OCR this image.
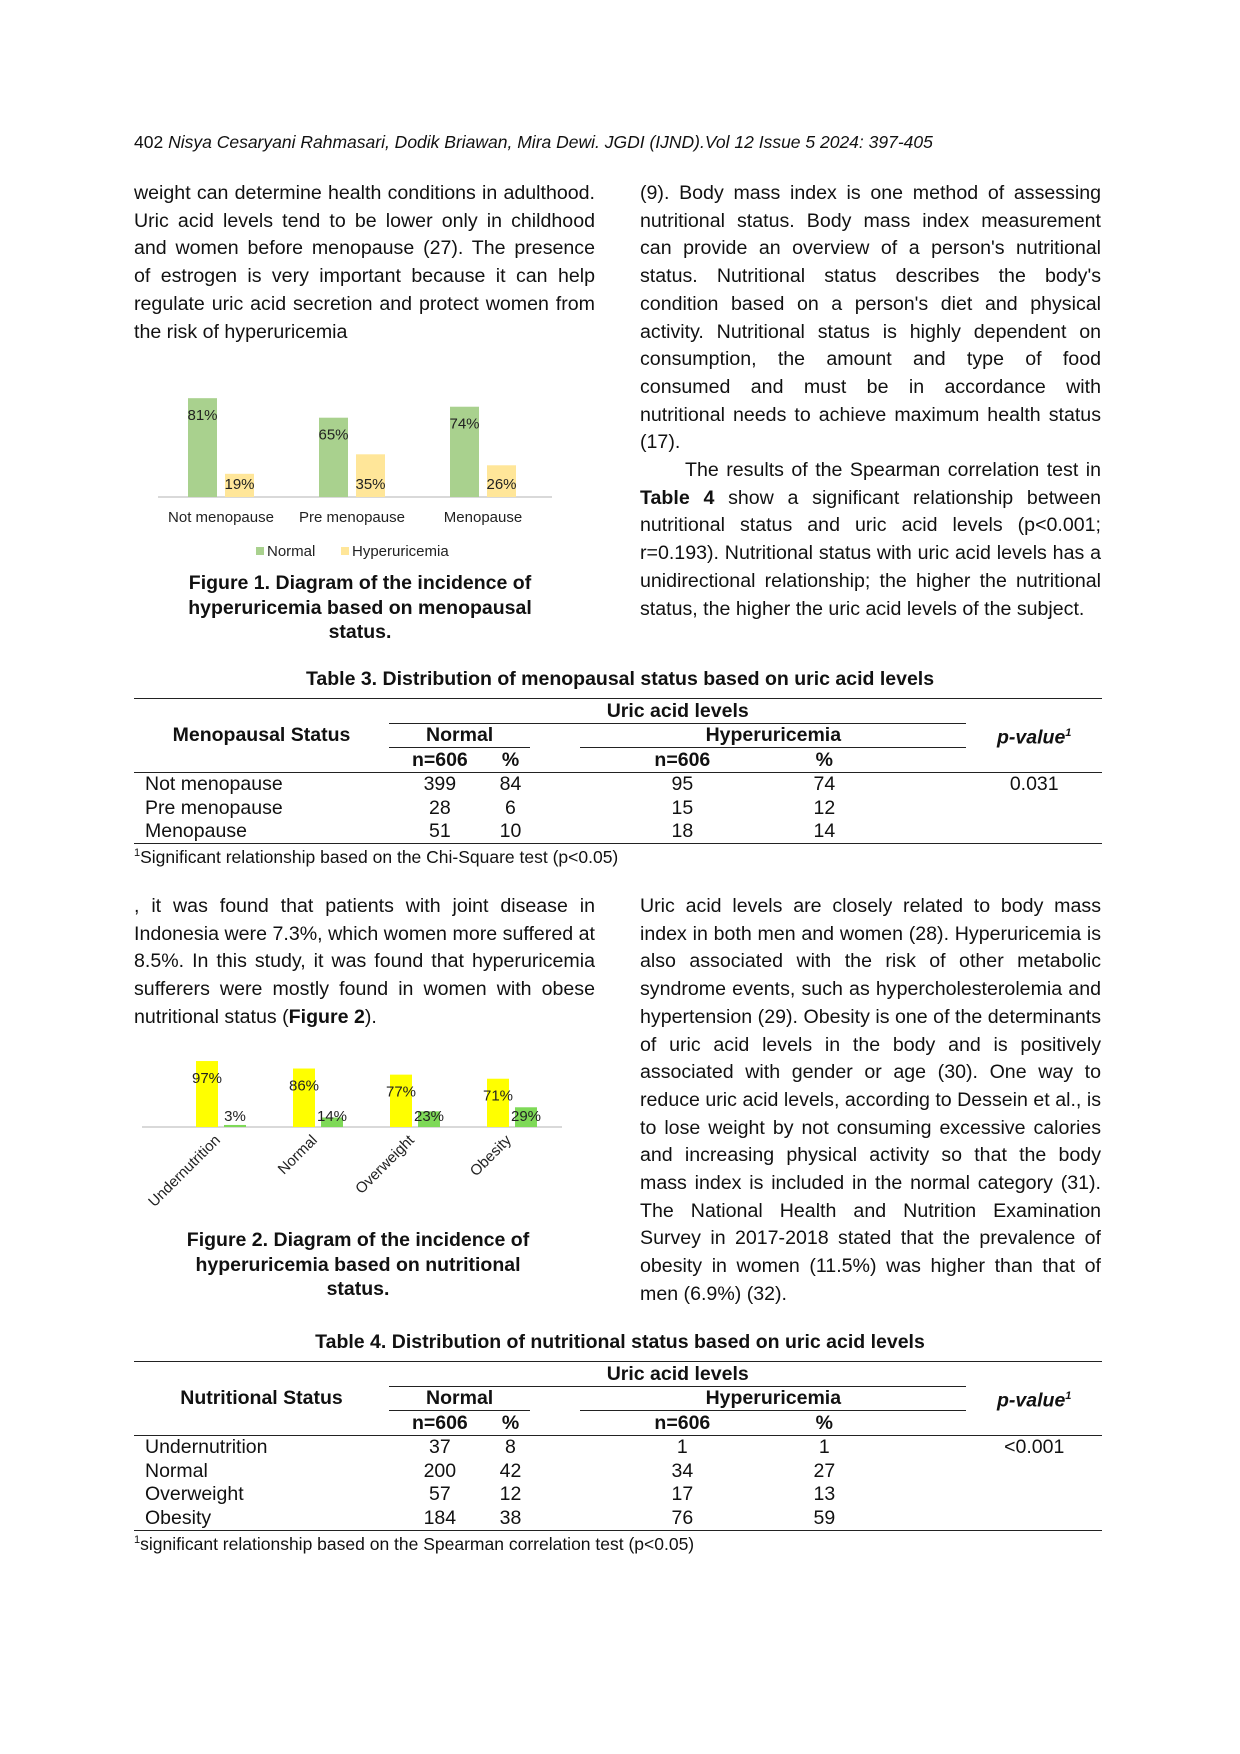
402 Nisya Cesaryani Rahmasari, Dodik Briawan, Mira Dewi. JGDI (IJND).Vol 12 Issue 5 2024: 397-405

weight can determine health conditions in adulthood. Uric acid levels tend to be lower only in childhood and women before menopause (27). The presence of estrogen is very important because it can help regulate uric acid secretion and protect women from the risk of hyperuricemia

(9). Body mass index is one method of assessing nutritional status. Body mass index measurement can provide an overview of a person's nutritional status. Nutritional status describes the body's condition based on a person's diet and physical activity. Nutritional status is highly dependent on consumption, the amount and type of food consumed and must be in accordance with nutritional needs to achieve maximum health status (17).

The results of the Spearman correlation test in Table 4 show a significant relationship between nutritional status and uric acid levels (p<0.001; r=0.193). Nutritional status with uric acid levels has a unidirectional relationship; the higher the nutritional status, the higher the uric acid levels of the subject.

81%
19%
Not menopause
65%
35%
Pre menopause
74%
26%
Menopause
Normal Hyperuricemia
Figure 1. Diagram of the incidence of hyperuricemia based on menopausal status.
Table 3. Distribution of menopausal status based on uric acid levels
Menopausal Status	Uric acid levels				p-value$^1$
	Normal			Hyperuricemia	
	n=606	%	n=606 %		
Not menopause	399	84	95 74		0.031
Pre menopause	28	6	15 12		
Menopause	51	10	18 14		
$^1$Significant relationship based on the Chi-Square test (p<0.05)

, it was found that patients with joint disease in Indonesia were 7.3%, which women more suffered at 8.5%. In this study, it was found that hyperuricemia sufferers were mostly found in women with obese nutritional status (Figure 2).

Uric acid levels are closely related to body mass index in both men and women (28). Hyperuricemia is also associated with the risk of other metabolic syndrome events, such as hypercholesterolemia and hypertension (29). Obesity is one of the determinants of uric acid levels in the body and is positively associated with gender or age (30). One way to reduce uric acid levels, according to Dessein et al., is to lose weight by not consuming excessive calories and increasing physical activity so that the body mass index is included in the normal category (31). The National Health and Nutrition Examination Survey in 2017-2018 stated that the prevalence of obesity in women (11.5%) was higher than that of men (6.9%) (32).

97%
3%
Undernutrition
86%
14%
Normal
77%
23%
Overweight
71%
29%
Obesity
Figure 2. Diagram of the incidence of hyperuricemia based on nutritional status.
Table 4. Distribution of nutritional status based on uric acid levels
Nutritional Status	Uric acid levels				p-value$^1$
	Normal			Hyperuricemia	
	n=606	%	n=606 %		
Undernutrition	37	8	1 1		<0.001
Normal	200	42	34 27		
Overweight	57	12	17 13		
Obesity	184	38	76 59		
$^1$significant relationship based on the Spearman correlation test (p<0.05)
